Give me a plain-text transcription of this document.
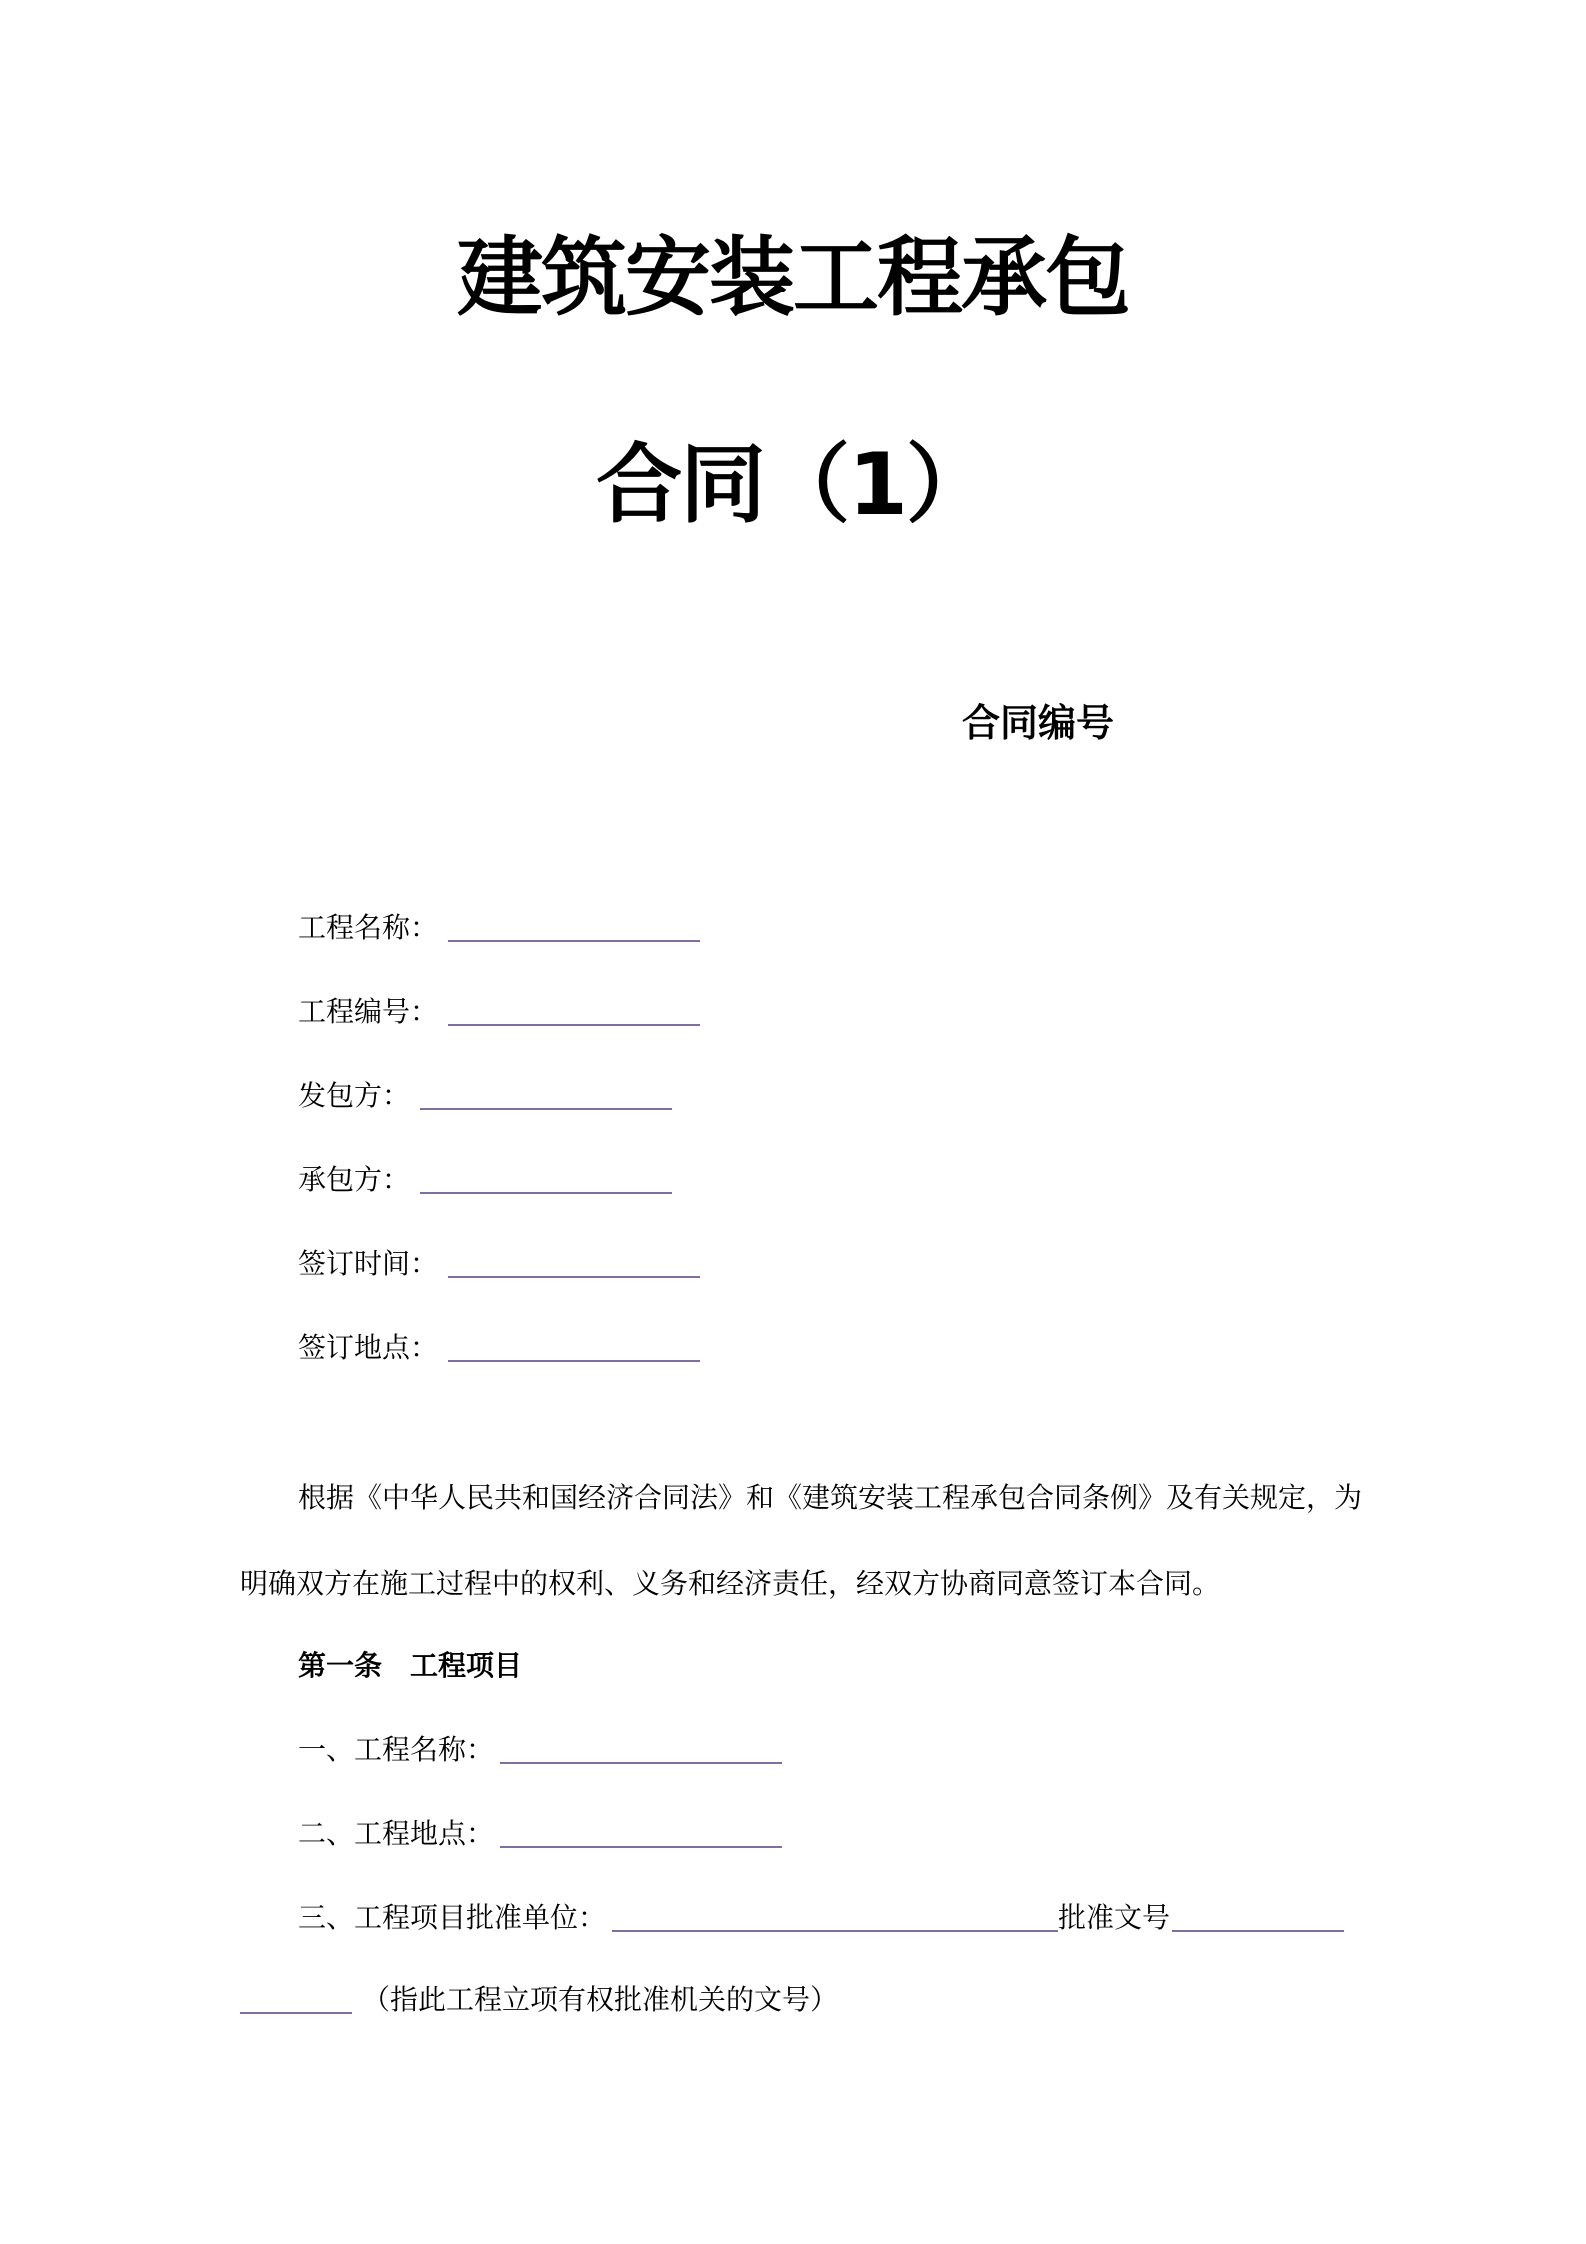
建筑安装工程承包
合同（1）
合同编号
工程名称：
工程编号：
发包方：
承包方：
签订时间：
签订地点：
根据《中华人民共和国经济合同法》和《建筑安装工程承包合同条例》及有关规定，为
明确双方在施工过程中的权利、义务和经济责任，经双方协商同意签订本合同。
第一条　工程项目
一、工程名称：
二、工程地点：
三、工程项目批准单位：	批准文号
（指此工程立项有权批准机关的文号）
